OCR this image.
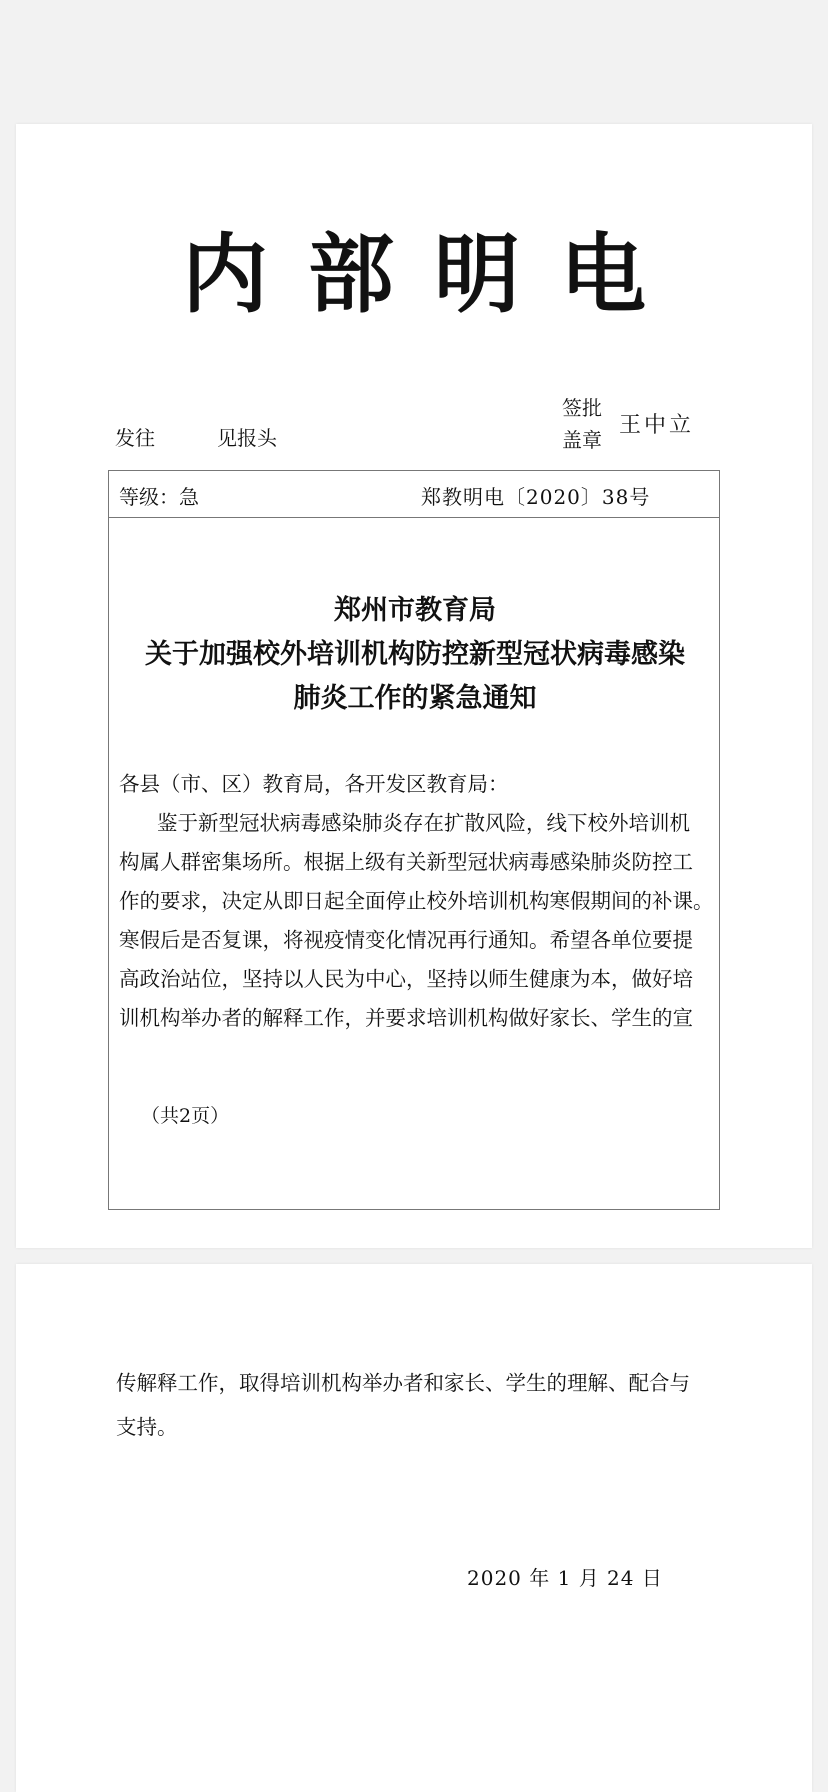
内部明电
发往	见报头
签批
盖章
王中立
等级：急	郑教明电〔2020〕38号
郑州市教育局
关于加强校外培训机构防控新型冠状病毒感染
肺炎工作的紧急通知
各县（市、区）教育局，各开发区教育局：
鉴于新型冠状病毒感染肺炎存在扩散风险，线下校外培训机
构属人群密集场所。根据上级有关新型冠状病毒感染肺炎防控工
作的要求，决定从即日起全面停止校外培训机构寒假期间的补课。
寒假后是否复课，将视疫情变化情况再行通知。希望各单位要提
高政治站位，坚持以人民为中心，坚持以师生健康为本，做好培
训机构举办者的解释工作，并要求培训机构做好家长、学生的宣
（共2页）
传解释工作，取得培训机构举办者和家长、学生的理解、配合与
支持。
2020 年 1 月 24 日
